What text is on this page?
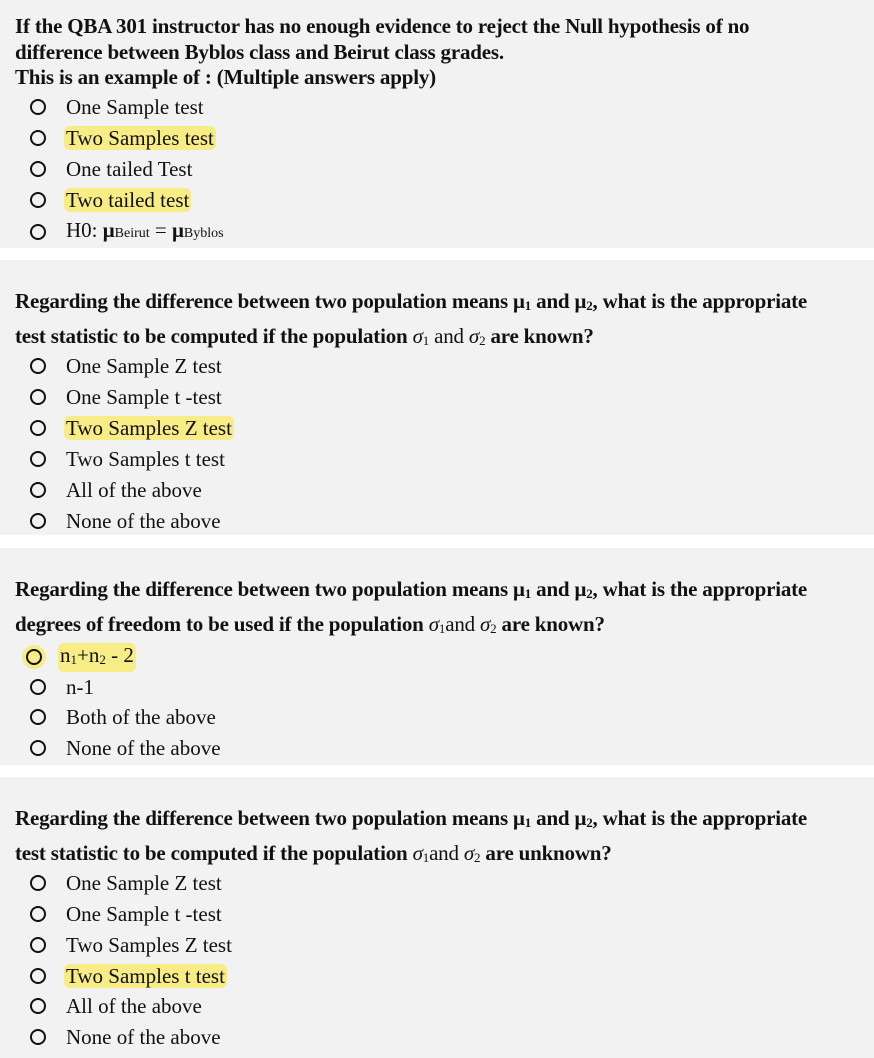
If the QBA 301 instructor has no enough evidence to reject the Null hypothesis of no
difference between Byblos class and Beirut class grades.
This is an example of : (Multiple answers apply)
One Sample test
Two Samples test
One tailed Test
Two tailed test
H0: μBeirut = μByblos
Regarding the difference between two population means μ1 and μ2, what is the appropriate
test statistic to be computed if the population σ1 and σ2 are known?
One Sample Z test
One Sample t -test
Two Samples Z test
Two Samples t test
All of the above
None of the above
Regarding the difference between two population means μ1 and μ2, what is the appropriate
degrees of freedom to be used if the population σ1and σ2 are known?
n1+n2 - 2
n-1
Both of the above
None of the above
Regarding the difference between two population means μ1 and μ2, what is the appropriate
test statistic to be computed if the population σ1and σ2 are unknown?
One Sample Z test
One Sample t -test
Two Samples Z test
Two Samples t test
All of the above
None of the above
